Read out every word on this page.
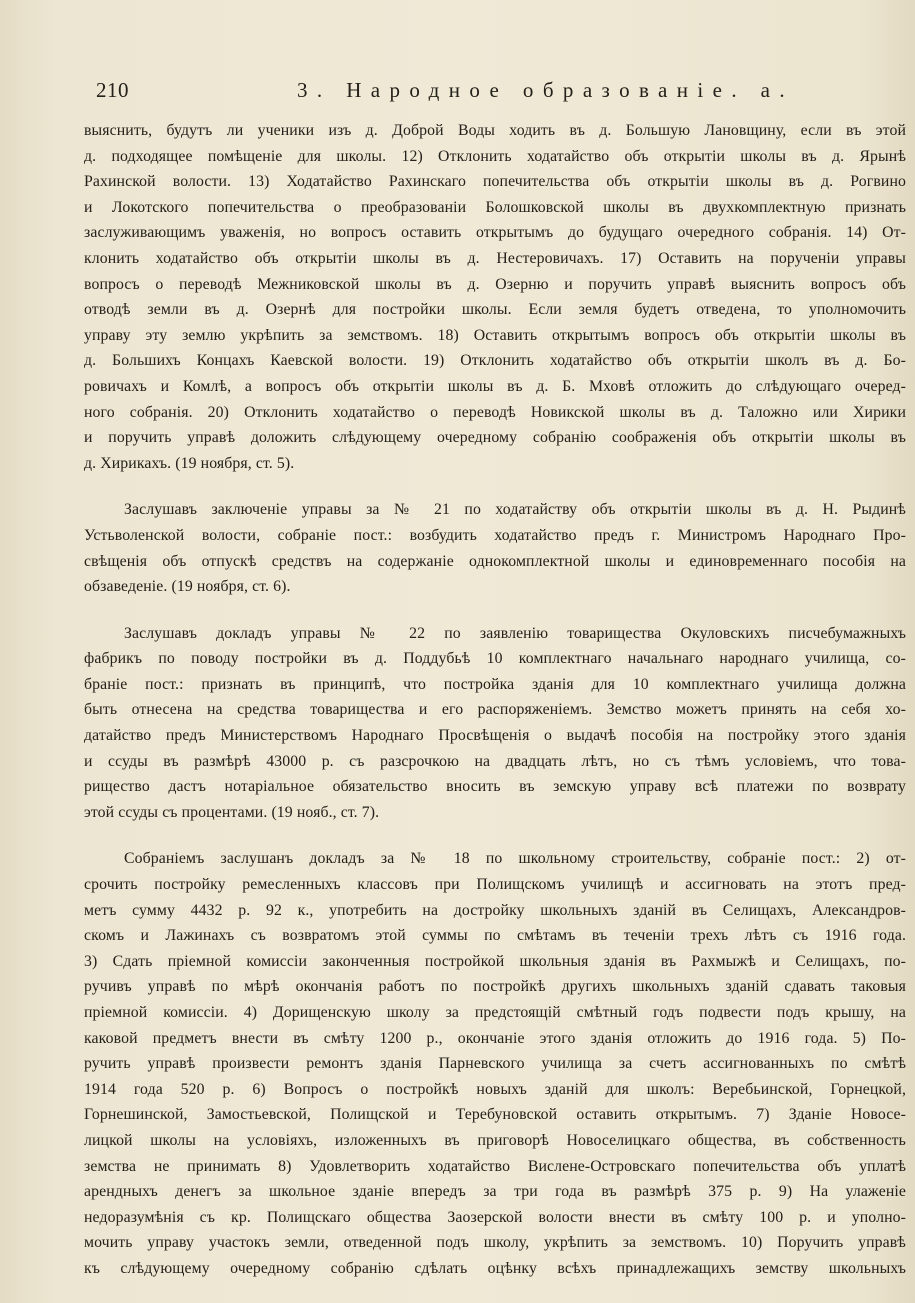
210	3. Народное образованіе. а.
выяснить, будутъ ли ученики изъ д. Доброй Воды ходить въ д. Большую Лановщину, если въ этой
д. подходящее помѣщеніе для школы. 12) Отклонить ходатайство объ открытіи школы въ д. Ярынѣ
Рахинской волости. 13) Ходатайство Рахинскаго попечительства объ открытіи школы въ д. Рогвино
и Локотского попечительства о преобразованіи Болошковской школы въ двухкомплектную признать
заслуживающимъ уваженія, но вопросъ оставить открытымъ до будущаго очередного собранія. 14) От-
клонить ходатайство объ открытіи школы въ д. Нестеровичахъ. 17) Оставить на порученіи управы
вопросъ о переводѣ Межниковской школы въ д. Озерню и поручить управѣ выяснить вопросъ объ
отводѣ земли въ д. Озернѣ для постройки школы. Если земля будетъ отведена, то уполномочить
управу эту землю укрѣпить за земствомъ. 18) Оставить открытымъ вопросъ объ открытіи школы въ
д. Большихъ Концахъ Каевской волости. 19) Отклонить ходатайство объ открытіи школъ въ д. Бо-
ровичахъ и Комлѣ, а вопросъ объ открытіи школы въ д. Б. Мховѣ отложить до слѣдующаго очеред-
ного собранія. 20) Отклонить ходатайство о переводѣ Новикской школы въ д. Таложно или Хирики
и поручить управѣ доложить слѣдующему очередному собранію соображенія объ открытіи школы въ
д. Хирикахъ. (19 ноября, ст. 5).
Заслушавъ заключеніе управы за № 21 по ходатайству объ открытіи школы въ д. Н. Рыдинѣ
Устьволенской волости, собраніе пост.: возбудить ходатайство предъ г. Министромъ Народнаго Про-
свѣщенія объ отпускѣ средствъ на содержаніе однокомплектной школы и единовременнаго пособія на
обзаведеніе. (19 ноября, ст. 6).
Заслушавъ докладъ управы № 22 по заявленію товарищества Окуловскихъ писчебумажныхъ
фабрикъ по поводу постройки въ д. Поддубьѣ 10 комплектнаго начальнаго народнаго училища, со-
браніе пост.: признать въ принципѣ, что постройка зданія для 10 комплектнаго училища должна
быть отнесена на средства товарищества и его распоряженіемъ. Земство можетъ принять на себя хо-
датайство предъ Министерствомъ Народнаго Просвѣщенія о выдачѣ пособія на постройку этого зданія
и ссуды въ размѣрѣ 43000 р. съ разсрочкою на двадцать лѣтъ, но съ тѣмъ условіемъ, что това-
рищество дастъ нотаріальное обязательство вносить въ земскую управу всѣ платежи по возврату
этой ссуды съ процентами. (19 нояб., ст. 7).
Собраніемъ заслушанъ докладъ за № 18 по школьному строительству, собраніе пост.: 2) от-
срочить постройку ремесленныхъ классовъ при Полищскомъ училищѣ и ассигновать на этотъ пред-
метъ сумму 4432 р. 92 к., употребить на достройку школьныхъ зданій въ Селищахъ, Александров-
скомъ и Лажинахъ съ возвратомъ этой суммы по смѣтамъ въ теченіи трехъ лѣтъ съ 1916 года.
3) Сдать пріемной комиссіи законченныя постройкой школьныя зданія въ Рахмыжѣ и Селищахъ, по-
ручивъ управѣ по мѣрѣ окончанія работъ по постройкѣ другихъ школьныхъ зданій сдавать таковыя
пріемной комиссіи. 4) Дорищенскую школу за предстоящій смѣтный годъ подвести подъ крышу, на
каковой предметъ внести въ смѣту 1200 р., окончаніе этого зданія отложить до 1916 года. 5) По-
ручить управѣ произвести ремонтъ зданія Парневского училища за счетъ ассигнованныхъ по смѣтѣ
1914 года 520 р. 6) Вопросъ о постройкѣ новыхъ зданій для школъ: Веребьинской, Горнецкой,
Горнешинской, Замостьевской, Полищской и Теребуновской оставить открытымъ. 7) Зданіе Новосе-
лицкой школы на условіяхъ, изложенныхъ въ приговорѣ Новоселицкаго общества, въ собственность
земства не принимать 8) Удовлетворить ходатайство Висленe-Островскаго попечительства объ уплатѣ
арендныхъ денегъ за школьное зданіе впередъ за три года въ размѣрѣ 375 р. 9) На улаженіе
недоразумѣнія съ кр. Полищскаго общества Заозерской волости внести въ смѣту 100 р. и уполно-
мочить управу участокъ земли, отведенной подъ школу, укрѣпить за земствомъ. 10) Поручить управѣ
къ слѣдующему очередному собранію сдѣлать оцѣнку всѣхъ принадлежащихъ земству школьныхъ
